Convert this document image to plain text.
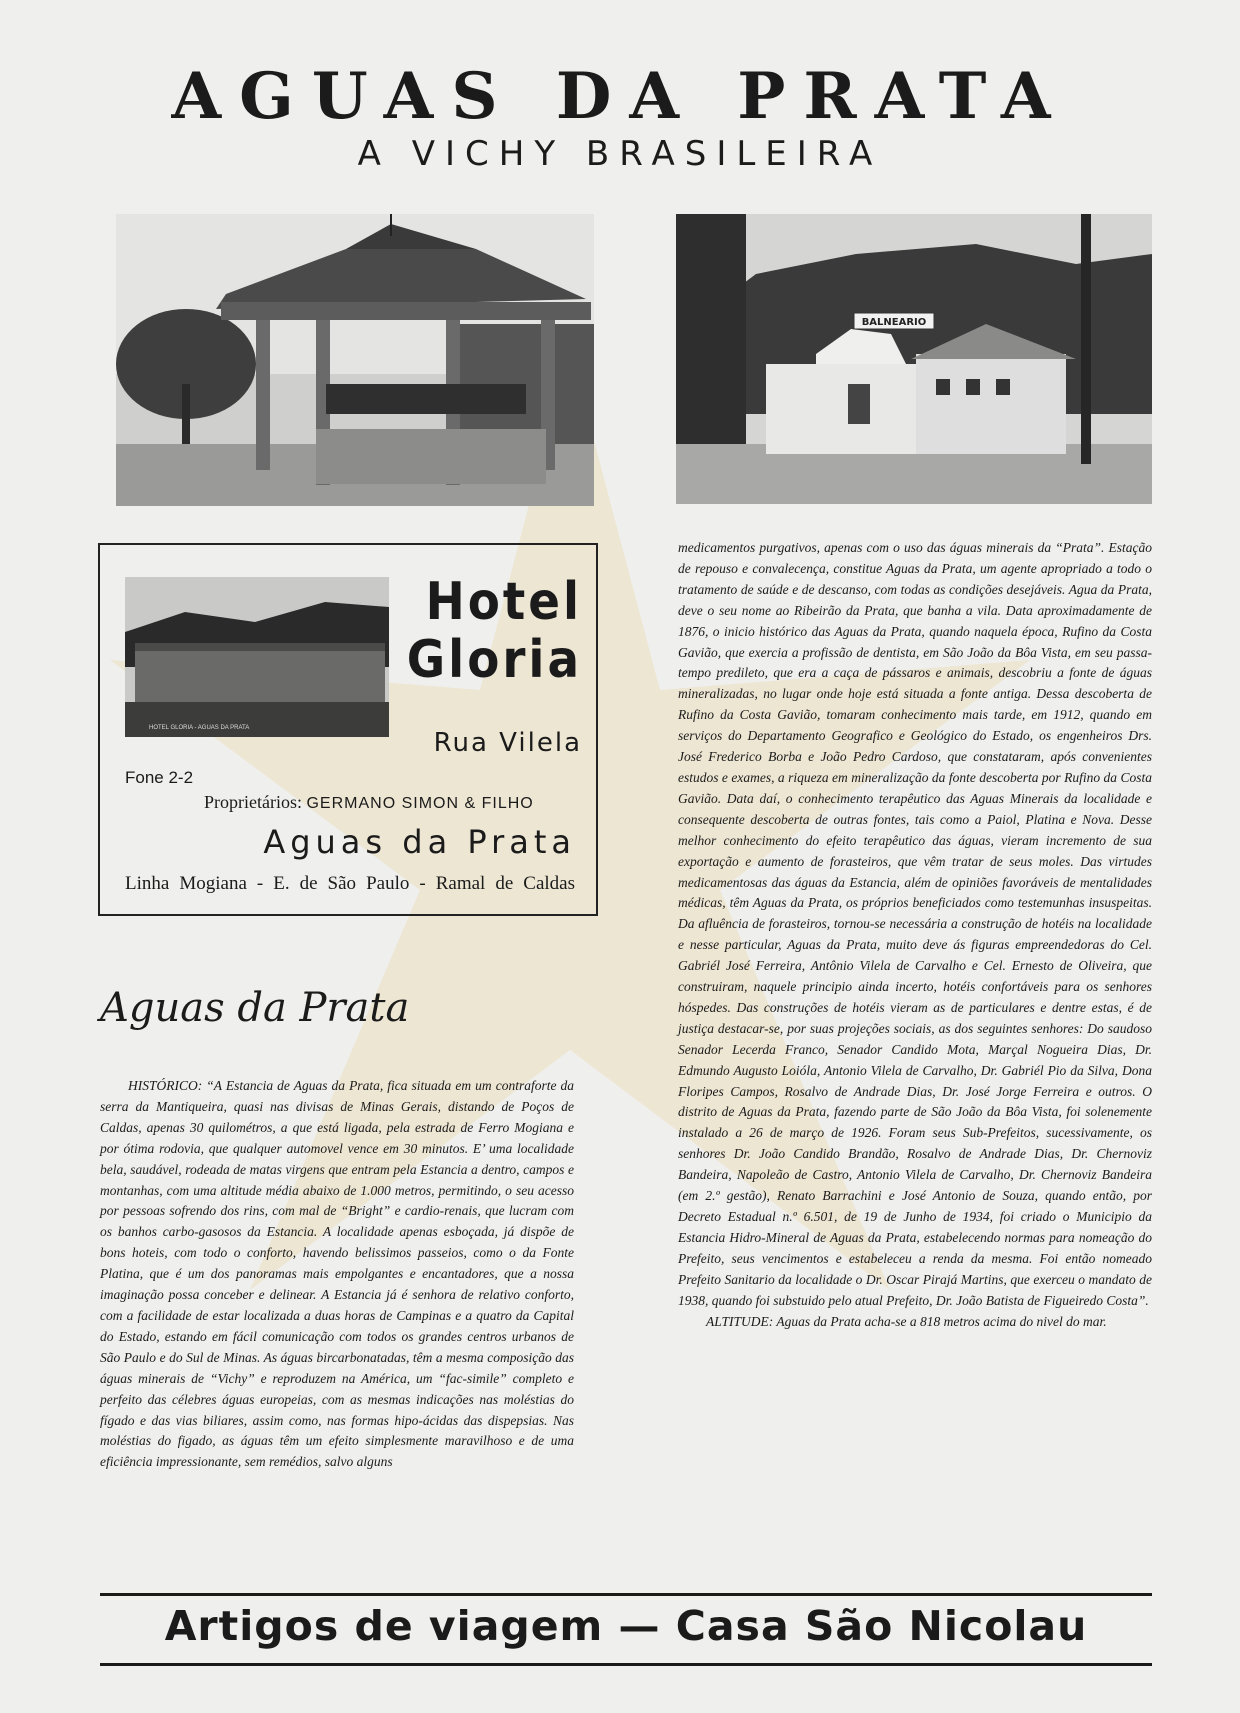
AGUAS DA PRATA
A VICHY BRASILEIRA
BALNEARIO
HOTEL GLORIA - AGUAS DA PRATA
Hotel
Gloria
Rua Vilela
Fone 2-2
Proprietários: GERMANO SIMON & FILHO
Aguas da Prata
Linha Mogiana - E. de São Paulo - Ramal de Caldas
Aguas da Prata

HISTÓRICO: “A Estancia de Aguas da Prata, fica situada em um contraforte da serra da Mantiqueira, quasi nas divisas de Minas Gerais, distando de Poços de Caldas, apenas 30 quilométros, a que está ligada, pela estrada de Ferro Mogiana e por ótima rodovia, que qualquer automovel vence em 30 minutos. E’ uma localidade bela, saudável, rodeada de matas virgens que entram pela Estancia a dentro, campos e montanhas, com uma altitude média abaixo de 1.000 metros, permitindo, o seu acesso por pessoas sofrendo dos rins, com mal de “Bright” e cardio-renais, que lucram com os banhos carbo-gasosos da Estancia. A localidade apenas esboçada, já dispõe de bons hoteis, com todo o conforto, havendo belissimos passeios, como o da Fonte Platina, que é um dos panoramas mais empolgantes e encantadores, que a nossa imaginação possa conceber e delinear. A Estancia já é senhora de relativo conforto, com a facilidade de estar localizada a duas horas de Campinas e a quatro da Capital do Estado, estando em fácil comunicação com todos os grandes centros urbanos de São Paulo e do Sul de Minas. As águas bircarbonatadas, têm a mesma composição das águas minerais de “Vichy” e reproduzem na América, um “fac-simile” completo e perfeito das célebres águas europeias, com as mesmas indicações nas moléstias do fígado e das vias biliares, assim como, nas formas hipo-ácidas das dispepsias. Nas moléstias do figado, as águas têm um efeito simplesmente maravilhoso e de uma eficiência impressionante, sem remédios, salvo alguns

medicamentos purgativos, apenas com o uso das águas minerais da “Prata”. Estação de repouso e convalecença, constitue Aguas da Prata, um agente apropriado a todo o tratamento de saúde e de descanso, com todas as condições desejáveis. Agua da Prata, deve o seu nome ao Ribeirão da Prata, que banha a vila. Data aproximadamente de 1876, o inicio histórico das Aguas da Prata, quando naquela época, Rufino da Costa Gavião, que exercia a profissão de dentista, em São João da Bôa Vista, em seu passa-tempo predileto, que era a caça de pássaros e animais, descobriu a fonte de águas mineralizadas, no lugar onde hoje está situada a fonte antiga. Dessa descoberta de Rufino da Costa Gavião, tomaram conhecimento mais tarde, em 1912, quando em serviços do Departamento Geografico e Geológico do Estado, os engenheiros Drs. José Frederico Borba e João Pedro Cardoso, que constataram, após convenientes estudos e exames, a riqueza em mineralização da fonte descoberta por Rufino da Costa Gavião. Data daí, o conhecimento terapêutico das Aguas Minerais da localidade e consequente descoberta de outras fontes, tais como a Paiol, Platina e Nova. Desse melhor conhecimento do efeito terapêutico das águas, vieram incremento de sua exportação e aumento de forasteiros, que vêm tratar de seus moles. Das virtudes medicamentosas das águas da Estancia, além de opiniões favoráveis de mentalidades médicas, têm Aguas da Prata, os próprios beneficiados como testemunhas insuspeitas. Da afluência de forasteiros, tornou-se necessária a construção de hotéis na localidade e nesse particular, Aguas da Prata, muito deve ás figuras empreendedoras do Cel. Gabriél José Ferreira, Antônio Vilela de Carvalho e Cel. Ernesto de Oliveira, que construiram, naquele principio ainda incerto, hotéis confortáveis para os senhores hóspedes. Das construções de hotéis vieram as de particulares e dentre estas, é de justiça destacar-se, por suas projeções sociais, as dos seguintes senhores: Do saudoso Senador Lecerda Franco, Senador Candido Mota, Marçal Nogueira Dias, Dr. Edmundo Augusto Loióla, Antonio Vilela de Carvalho, Dr. Gabriél Pio da Silva, Dona Floripes Campos, Rosalvo de Andrade Dias, Dr. José Jorge Ferreira e outros. O distrito de Aguas da Prata, fazendo parte de São João da Bôa Vista, foi solenemente instalado a 26 de março de 1926. Foram seus Sub-Prefeitos, sucessivamente, os senhores Dr. João Candido Brandão, Rosalvo de Andrade Dias, Dr. Chernoviz Bandeira, Napoleão de Castro, Antonio Vilela de Carvalho, Dr. Chernoviz Bandeira (em 2.º gestão), Renato Barrachini e José Antonio de Souza, quando então, por Decreto Estadual n.º 6.501, de 19 de Junho de 1934, foi criado o Municipio da Estancia Hidro-Mineral de Aguas da Prata, estabelecendo normas para nomeação do Prefeito, seus vencimentos e estabeleceu a renda da mesma. Foi então nomeado Prefeito Sanitario da localidade o Dr. Oscar Pirajá Martins, que exerceu o mandato de 1938, quando foi substuido pelo atual Prefeito, Dr. João Batista de Figueiredo Costa”.

ALTITUDE: Aguas da Prata acha-se a 818 metros acima do nivel do mar.

Artigos de viagem — Casa São Nicolau
